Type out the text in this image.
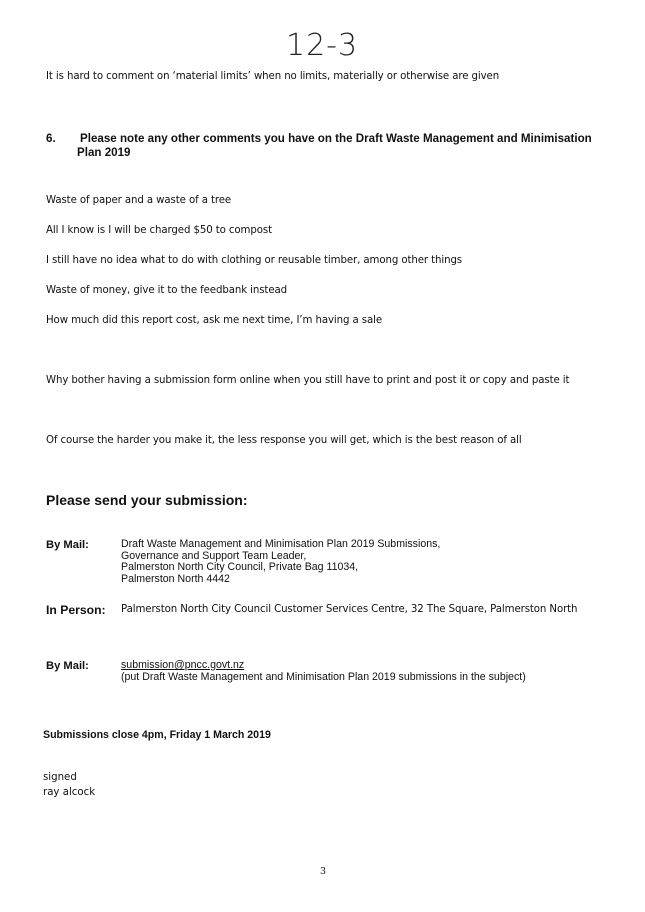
12-3
It is hard to comment on ‘material limits’ when no limits, materially or otherwise are given
6. Please note any other comments you have on the Draft Waste Management and Minimisation
Plan 2019
Waste of paper and a waste of a tree
All I know is I will be charged $50 to compost
I still have no idea what to do with clothing or reusable timber, among other things
Waste of money, give it to the feedbank instead
How much did this report cost, ask me next time, I’m having a sale
Why bother having a submission form online when you still have to print and post it or copy and paste it
Of course the harder you make it, the less response you will get, which is the best reason of all
Please send your submission:
By Mail:	Draft Waste Management and Minimisation Plan 2019 Submissions,
Governance and Support Team Leader,
Palmerston North City Council, Private Bag 11034,
Palmerston North 4442
In Person: Palmerston North City Council Customer Services Centre, 32 The Square, Palmerston North
By Mail:	submission@pncc.govt.nz
(put Draft Waste Management and Minimisation Plan 2019 submissions in the subject)
Submissions close 4pm, Friday 1 March 2019
signed
ray alcock
3
